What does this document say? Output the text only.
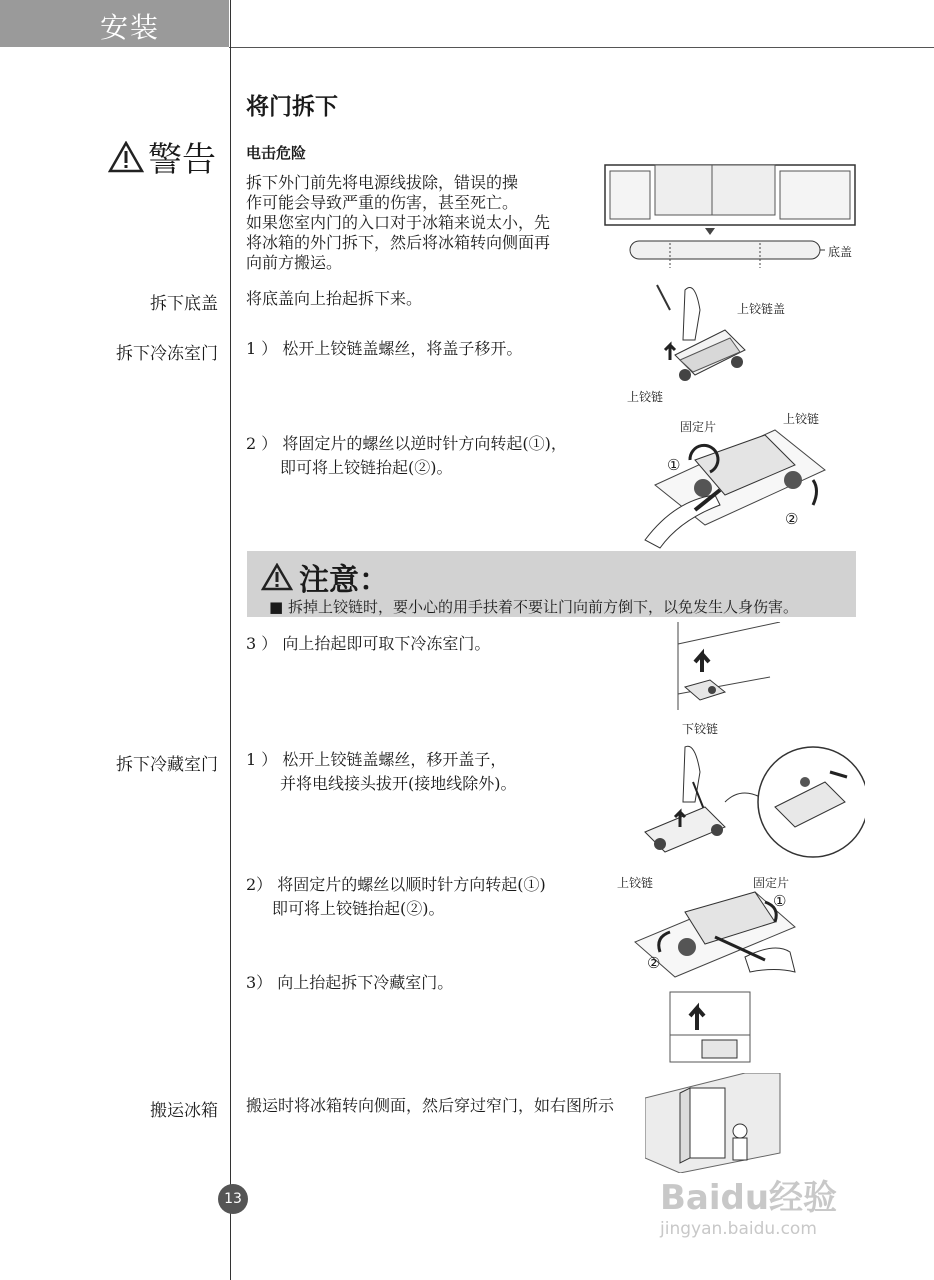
安装
将门拆下
警告 电击危险
拆下外门前先将电源线拔除，错误的操
作可能会导致严重的伤害，甚至死亡。
如果您室内门的入口对于冰箱来说太小，先
将冰箱的外门拆下，然后将冰箱转向侧面再
向前方搬运。
拆下底盖 将底盖向上抬起拆下来。
拆下冷冻室门 1 ） 松开上铰链盖螺丝，将盖子移开。
2 ） 将固定片的螺丝以逆时针方向转起(①)，
即可将上铰链抬起(②)。
注意：
■ 拆掉上铰链时，要小心的用手扶着不要让门向前方倒下，以免发生人身伤害。
3 ） 向上抬起即可取下冷冻室门。
拆下冷藏室门 1 ） 松开上铰链盖螺丝，移开盖子，
并将电线接头拔开(接地线除外)。
2） 将固定片的螺丝以顺时针方向转起(①)
即可将上铰链抬起(②)。
3） 向上抬起拆下冷藏室门。
搬运冰箱 搬运时将冰箱转向侧面，然后穿过窄门，如右图所示
底盖
上铰链盖
上铰链
固定片
上铰链
①
②
下铰链
上铰链	固定片
①
②
13	Baidu经验
jingyan.baidu.com
